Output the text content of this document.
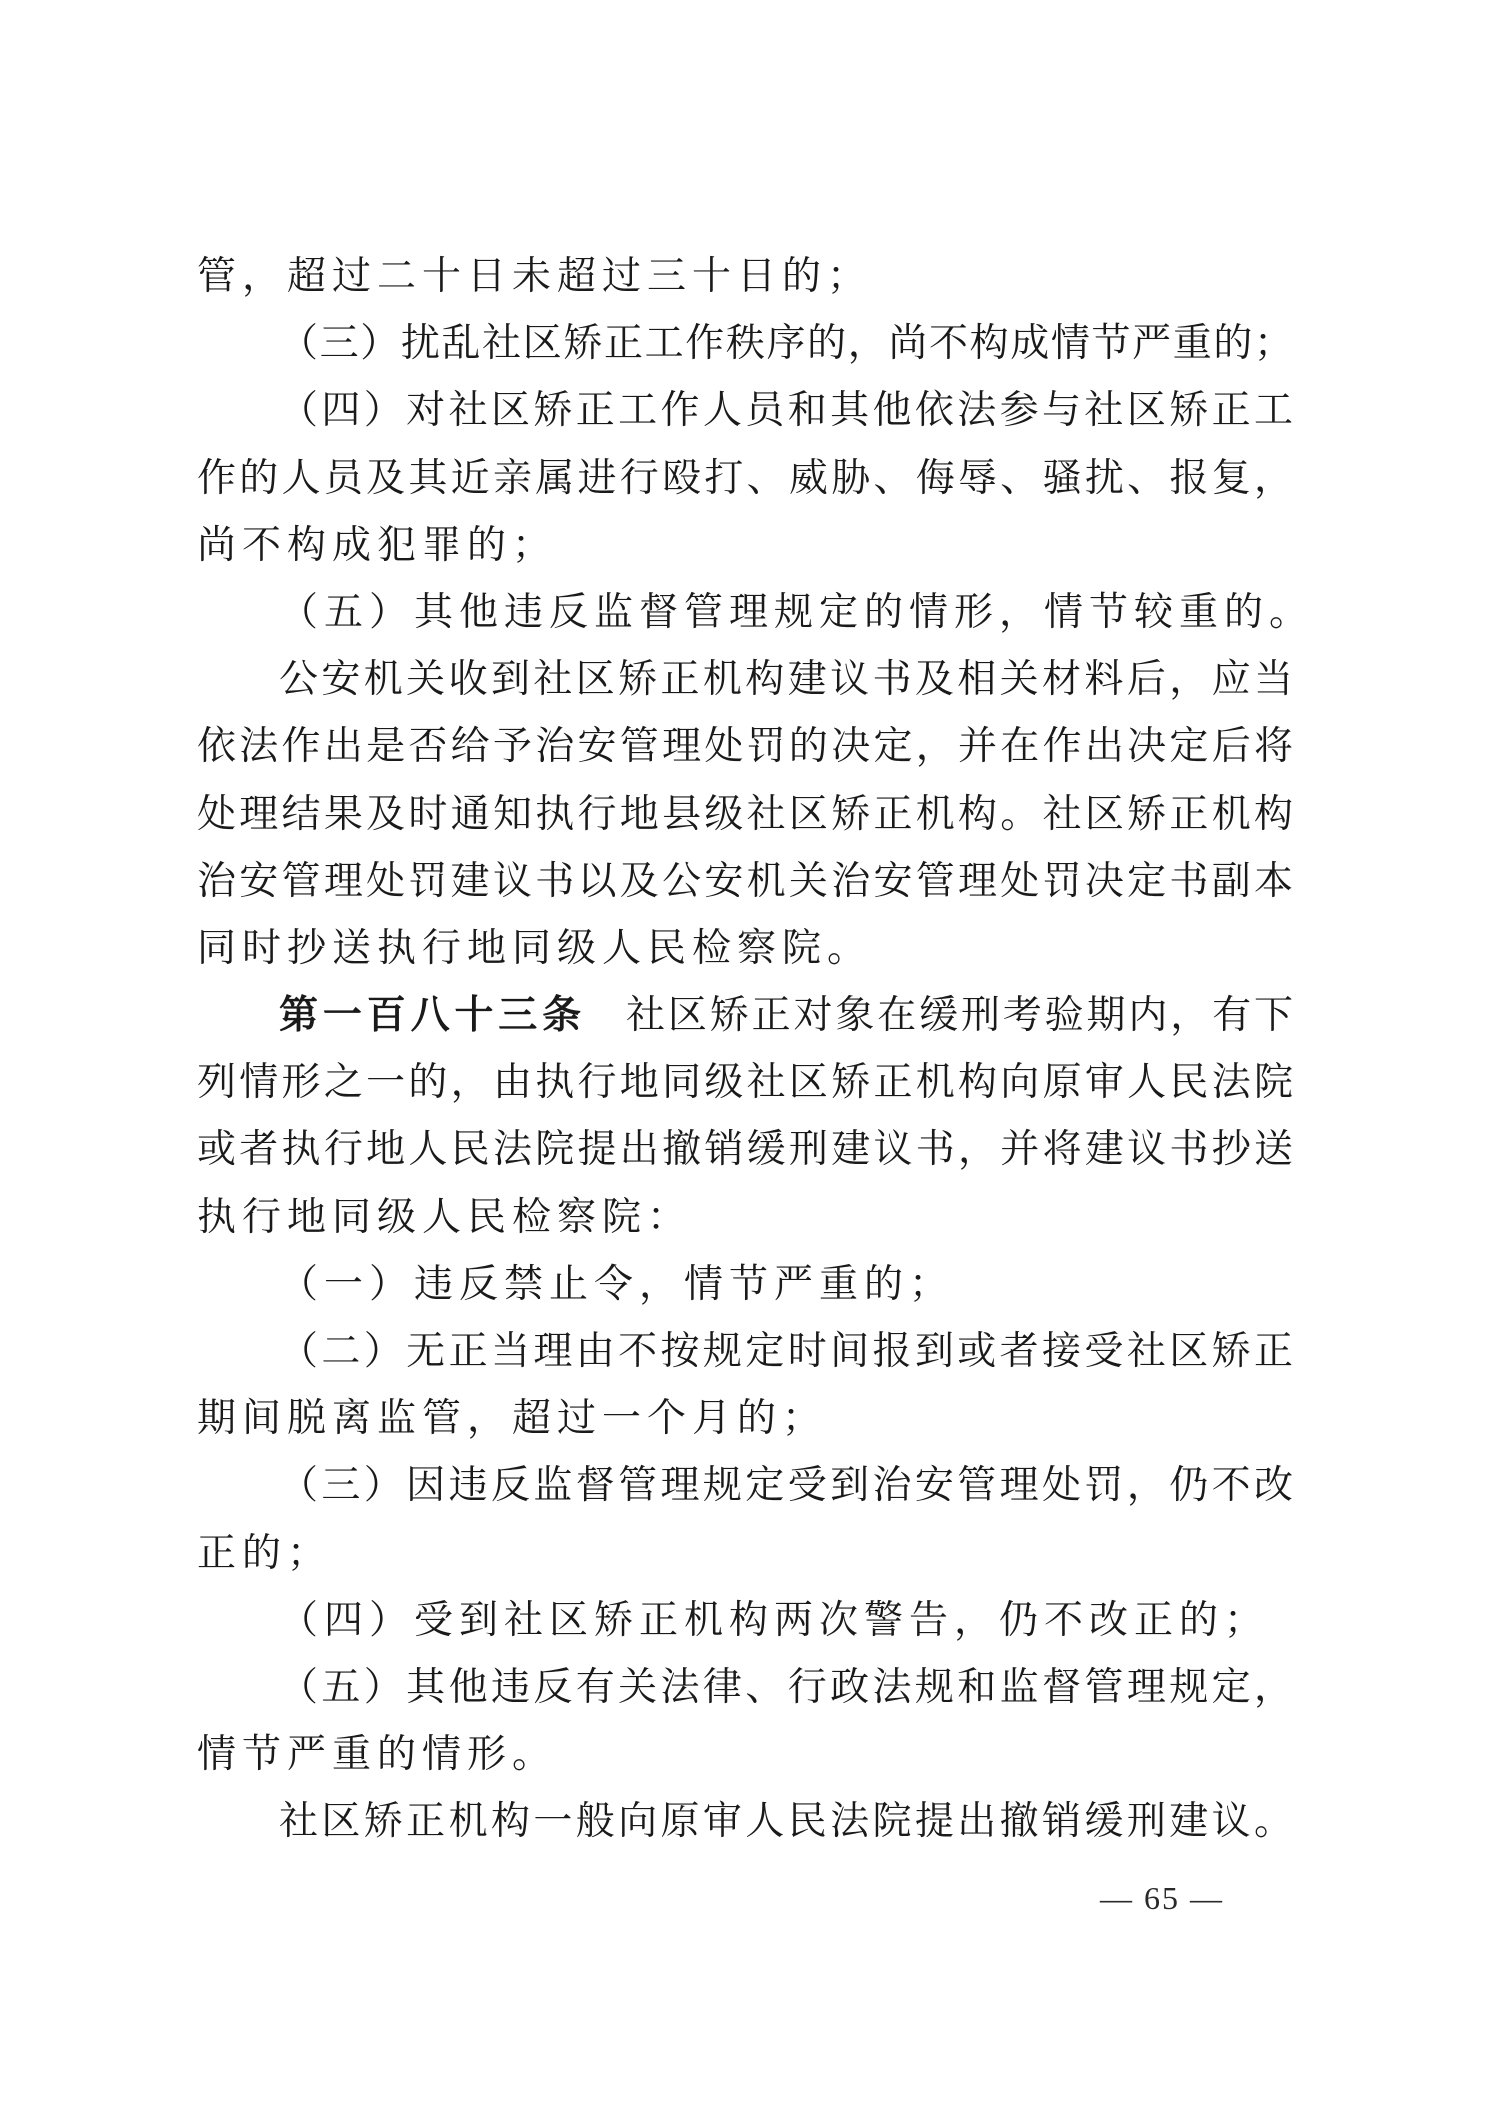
管，超过二十日未超过三十日的；
（三）扰乱社区矫正工作秩序的，尚不构成情节严重的；
（四）对社区矫正工作人员和其他依法参与社区矫正工
作的人员及其近亲属进行殴打、威胁、侮辱、骚扰、报复，
尚不构成犯罪的；
（五）其他违反监督管理规定的情形，情节较重的。
公安机关收到社区矫正机构建议书及相关材料后，应当
依法作出是否给予治安管理处罚的决定，并在作出决定后将
处理结果及时通知执行地县级社区矫正机构。社区矫正机构
治安管理处罚建议书以及公安机关治安管理处罚决定书副本
同时抄送执行地同级人民检察院。
第一百八十三条 社区矫正对象在缓刑考验期内，有下
列情形之一的，由执行地同级社区矫正机构向原审人民法院
或者执行地人民法院提出撤销缓刑建议书，并将建议书抄送
执行地同级人民检察院：
（一）违反禁止令，情节严重的；
（二）无正当理由不按规定时间报到或者接受社区矫正
期间脱离监管，超过一个月的；
（三）因违反监督管理规定受到治安管理处罚，仍不改
正的；
（四）受到社区矫正机构两次警告，仍不改正的；
（五）其他违反有关法律、行政法规和监督管理规定，
情节严重的情形。
社区矫正机构一般向原审人民法院提出撤销缓刑建议。
— 65 —
